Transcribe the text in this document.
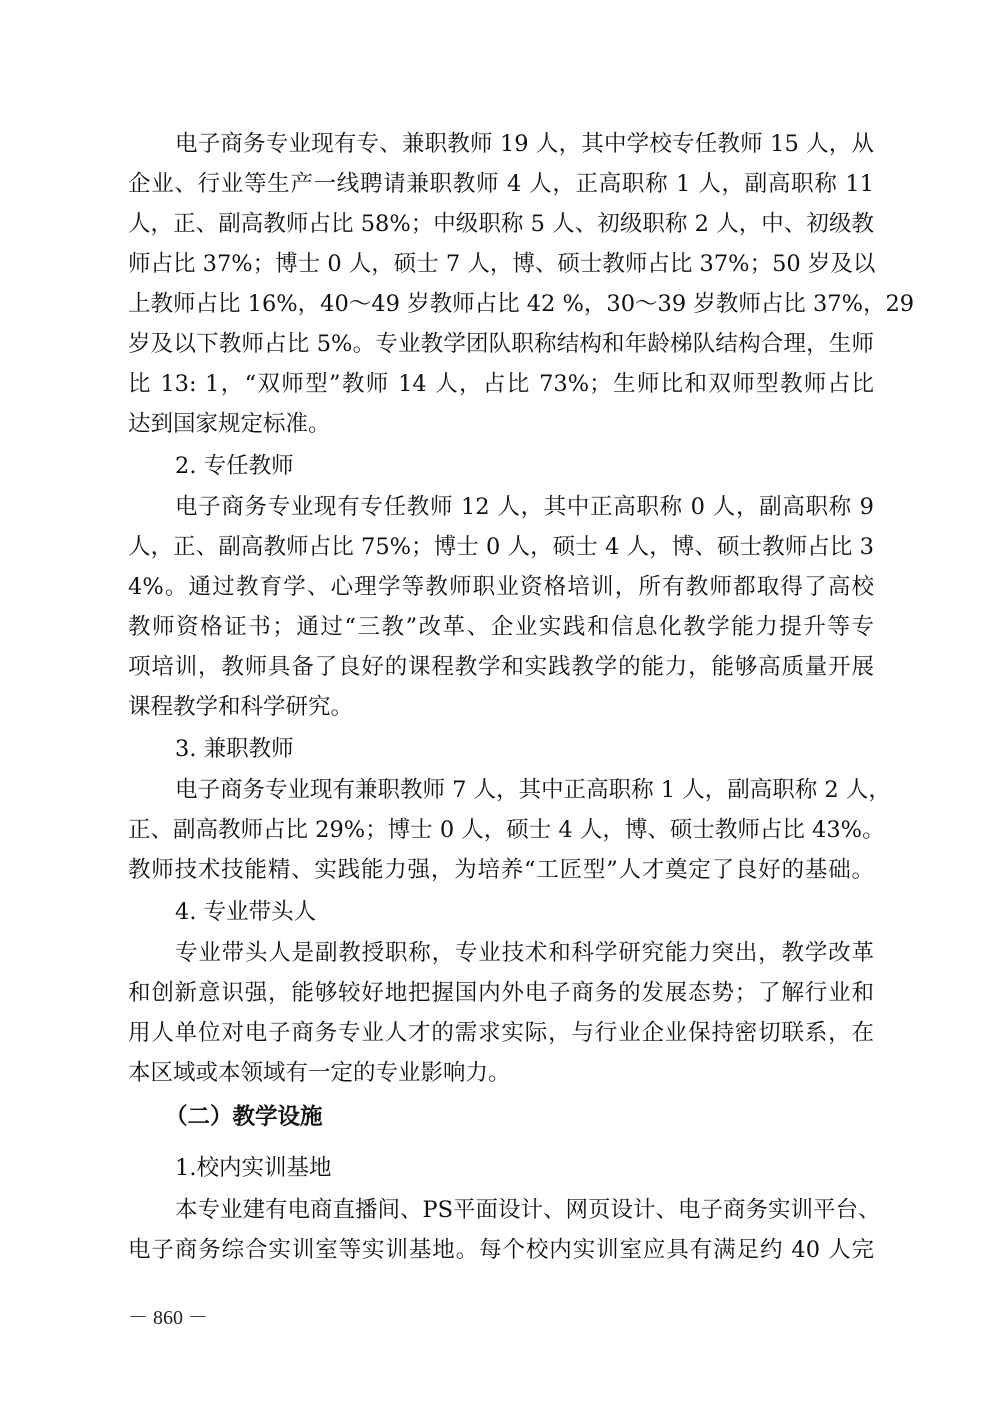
电子商务专业现有专、兼职教师 19 人，其中学校专任教师 15 人，从
企业、行业等生产一线聘请兼职教师 4 人，正高职称 1 人，副高职称 11
人，正、副高教师占比 58%；中级职称 5 人、初级职称 2 人，中、初级教
师占比 37%；博士 0 人，硕士 7 人，博、硕士教师占比 37%；50 岁及以
上教师占比 16%，40～49 岁教师占比 42 %，30～39 岁教师占比 37%，29
岁及以下教师占比 5%。专业教学团队职称结构和年龄梯队结构合理，生师
比 13: 1，“双师型”教师 14 人，占比 73%；生师比和双师型教师占比
达到国家规定标准。
2. 专任教师
电子商务专业现有专任教师 12 人，其中正高职称 0 人，副高职称 9
人，正、副高教师占比 75%；博士 0 人，硕士 4 人，博、硕士教师占比 3
4%。通过教育学、心理学等教师职业资格培训，所有教师都取得了高校
教师资格证书；通过“三教”改革、企业实践和信息化教学能力提升等专
项培训，教师具备了良好的课程教学和实践教学的能力，能够高质量开展
课程教学和科学研究。
3. 兼职教师
电子商务专业现有兼职教师 7 人，其中正高职称 1 人，副高职称 2 人，
正、副高教师占比 29%；博士 0 人，硕士 4 人，博、硕士教师占比 43%。
教师技术技能精、实践能力强，为培养“工匠型”人才奠定了良好的基础。
4. 专业带头人
专业带头人是副教授职称，专业技术和科学研究能力突出，教学改革
和创新意识强，能够较好地把握国内外电子商务的发展态势；了解行业和
用人单位对电子商务专业人才的需求实际，与行业企业保持密切联系，在
本区域或本领域有一定的专业影响力。
（二）教学设施
1.校内实训基地
本专业建有电商直播间、PS平面设计、网页设计、电子商务实训平台、
电子商务综合实训室等实训基地。每个校内实训室应具有满足约 40 人完
－ 860 －
